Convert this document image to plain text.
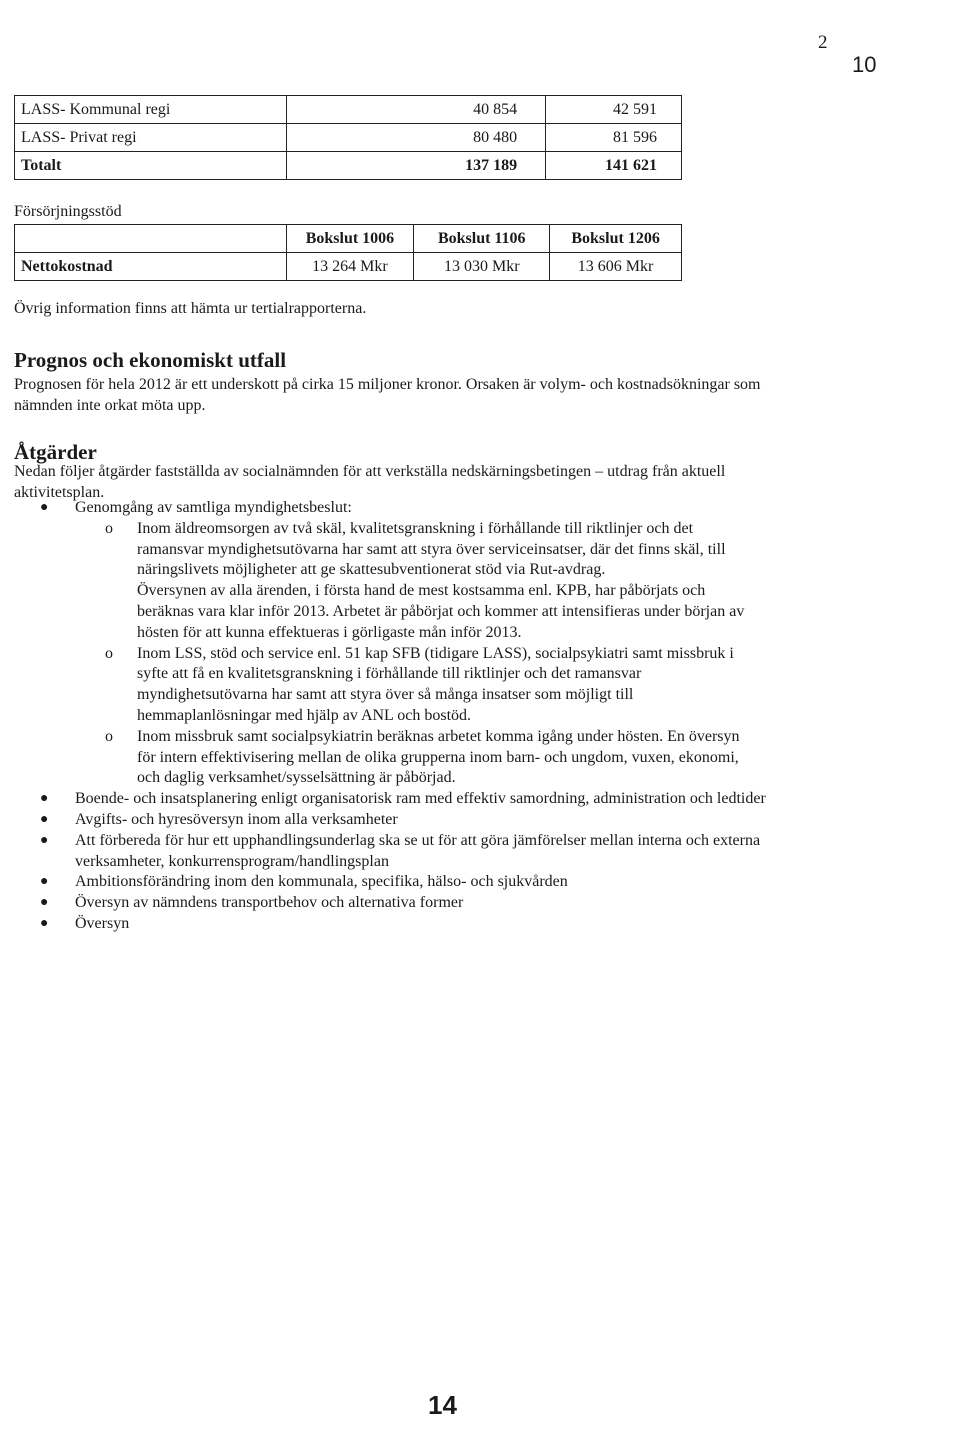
2
10
LASS- Kommunal regi	40 854	42 591
LASS- Privat regi	80 480	81 596
Totalt	137 189	141 621
Försörjningsstöd
	Bokslut 1006	Bokslut 1106	Bokslut 1206
Nettokostnad	13 264 Mkr	13 030 Mkr	13 606 Mkr
Övrig information finns att hämta ur tertialrapporterna.
Prognos och ekonomiskt utfall
Prognosen för hela 2012 är ett underskott på cirka 15 miljoner kronor. Orsaken är volym- och kostnadsökningar som nämnden inte orkat möta upp.
Åtgärder
Nedan följer åtgärder fastställda av socialnämnden för att verkställa nedskärningsbetingen – utdrag från aktuell aktivitetsplan.
● Genomgång av samtliga myndighetsbeslut:
o Inom äldreomsorgen av två skäl, kvalitetsgranskning i förhållande till riktlinjer och det ramansvar myndighetsutövarna har samt att styra över serviceinsatser, där det finns skäl, till näringslivets möjligheter att ge skattesubventionerat stöd via Rut-avdrag.
Översynen av alla ärenden, i första hand de mest kostsamma enl. KPB, har påbörjats och beräknas vara klar inför 2013. Arbetet är påbörjat och kommer att intensifieras under början av hösten för att kunna effektueras i görligaste mån inför 2013.
o Inom LSS, stöd och service enl. 51 kap SFB (tidigare LASS), socialpsykiatri samt missbruk i syfte att få en kvalitetsgranskning i förhållande till riktlinjer och det ramansvar myndighetsutövarna har samt att styra över så många insatser som möjligt till hemmaplanlösningar med hjälp av ANL och bostöd.
o Inom missbruk samt socialpsykiatrin beräknas arbetet komma igång under hösten. En översyn för intern effektivisering mellan de olika grupperna inom barn- och ungdom, vuxen, ekonomi, och daglig verksamhet/sysselsättning är påbörjad.
● Boende- och insatsplanering enligt organisatorisk ram med effektiv samordning, administration och ledtider
● Avgifts- och hyresöversyn inom alla verksamheter
● Att förbereda för hur ett upphandlingsunderlag ska se ut för att göra jämförelser mellan interna och externa verksamheter, konkurrensprogram/handlingsplan
● Ambitionsförändring inom den kommunala, specifika, hälso- och sjukvården
● Översyn av nämndens transportbehov och alternativa former
● Översyn
14
